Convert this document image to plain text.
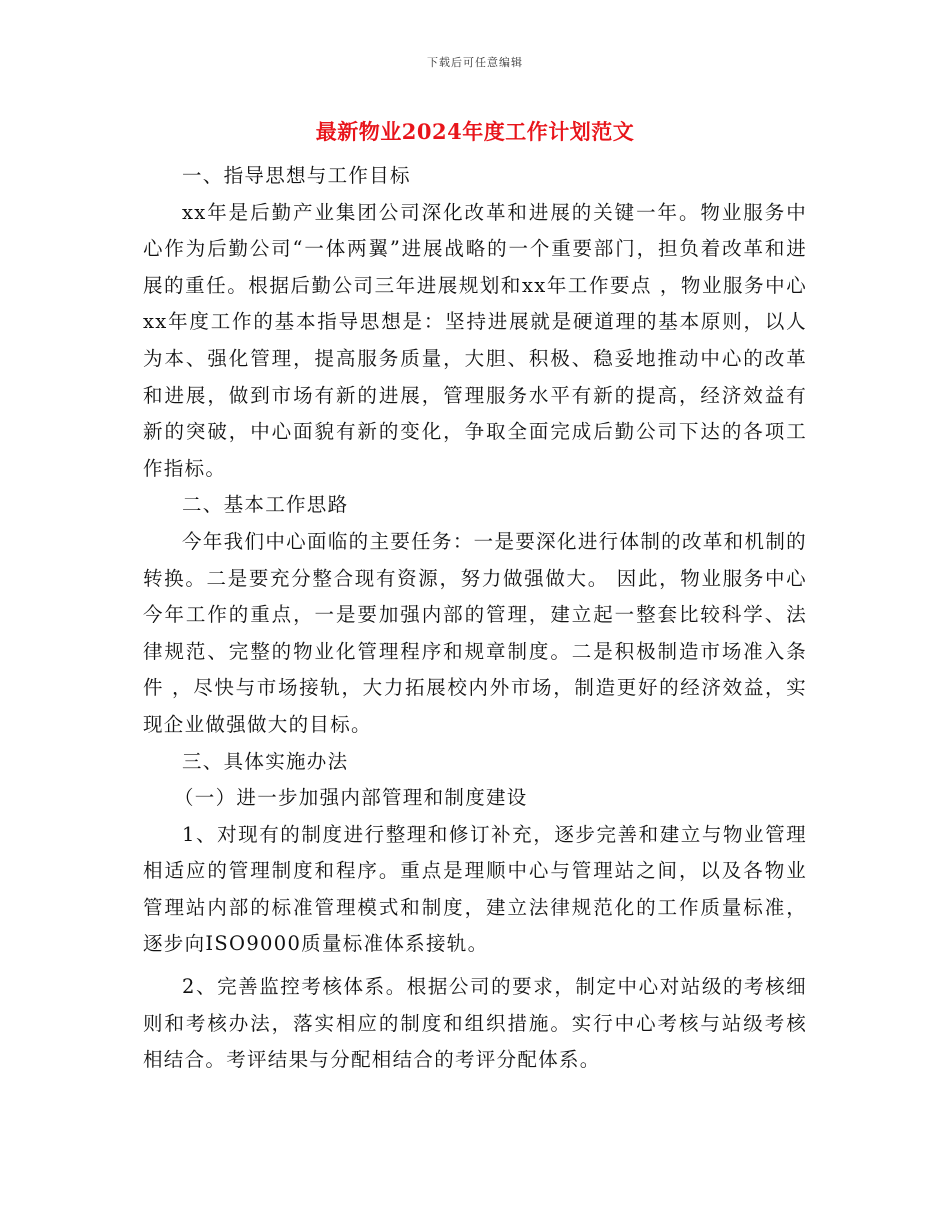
下载后可任意编辑
最新物业2024年度工作计划范文

一、指导思想与工作目标

xx年是后勤产业集团公司深化改革和进展的关键一年。物业服务中心作为后勤公司“一体两翼”进展战略的一个重要部门，担负着改革和进展的重任。根据后勤公司三年进展规划和xx年工作要点 ，物业服务中心xx年度工作的基本指导思想是：坚持进展就是硬道理的基本原则，以人为本、强化管理，提高服务质量，大胆、积极、稳妥地推动中心的改革和进展，做到市场有新的进展，管理服务水平有新的提高，经济效益有新的突破，中心面貌有新的变化，争取全面完成后勤公司下达的各项工作指标。

二、基本工作思路

今年我们中心面临的主要任务：一是要深化进行体制的改革和机制的转换。二是要充分整合现有资源，努力做强做大。 因此，物业服务中心今年工作的重点，一是要加强内部的管理，建立起一整套比较科学、法律规范、完整的物业化管理程序和规章制度。二是积极制造市场准入条件 ，尽快与市场接轨，大力拓展校内外市场，制造更好的经济效益，实现企业做强做大的目标。

三、具体实施办法

（一）进一步加强内部管理和制度建设

1、对现有的制度进行整理和修订补充，逐步完善和建立与物业管理相适应的管理制度和程序。重点是理顺中心与管理站之间，以及各物业管理站内部的标准管理模式和制度，建立法律规范化的工作质量标准，逐步向ISO9000质量标准体系接轨。

2、完善监控考核体系。根据公司的要求，制定中心对站级的考核细则和考核办法，落实相应的制度和组织措施。实行中心考核与站级考核相结合。考评结果与分配相结合的考评分配体系。
